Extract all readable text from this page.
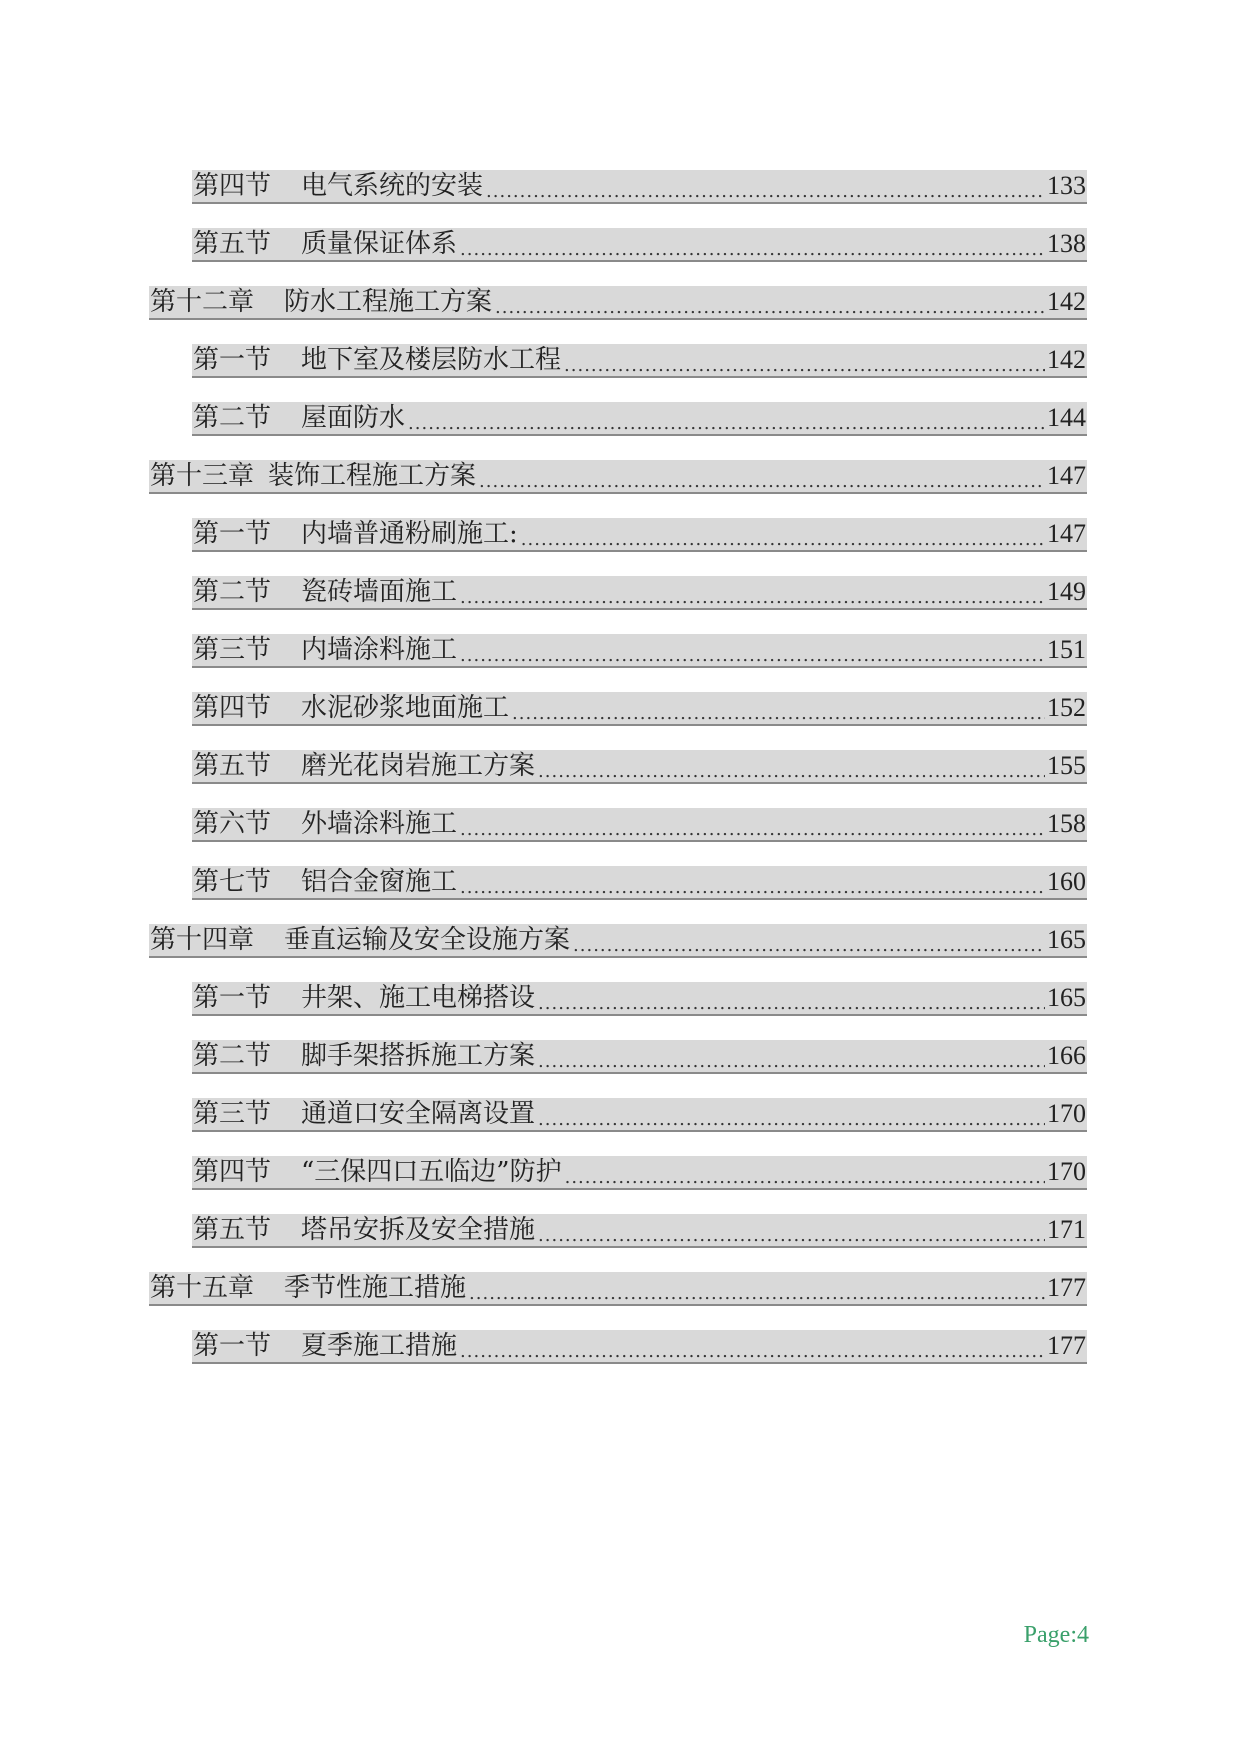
第四节 电气系统的安装 .....	133
第五节 质量保证体系 .....	138
第十二章 防水工程施工方案 .....	142
第一节 地下室及楼层防水工程 .....	142
第二节 屋面防水 .....	144
第十三章 装饰工程施工方案 .....	147
第一节 内墙普通粉刷施工: .....	147
第二节 瓷砖墙面施工 .....	149
第三节 内墙涂料施工 .....	151
第四节 水泥砂浆地面施工 .....	152
第五节 磨光花岗岩施工方案 .....	155
第六节 外墙涂料施工 .....	158
第七节 铝合金窗施工 .....	160
第十四章 垂直运输及安全设施方案 .....	165
第一节 井架、施工电梯搭设 .....	165
第二节 脚手架搭拆施工方案 .....	166
第三节 通道口安全隔离设置 .....	170
第四节 “三保四口五临边”防护 .....	170
第五节 塔吊安拆及安全措施 .....	171
第十五章 季节性施工措施 .....	177
第一节 夏季施工措施 .....	177
Page:4
